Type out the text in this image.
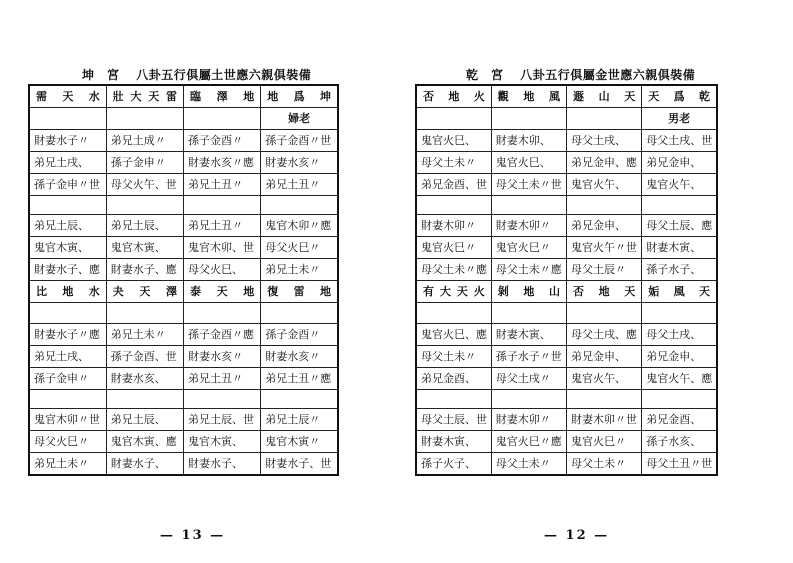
坤　宮 八卦五行俱屬土世應六親俱裝備
需　天　水	壯大天雷	臨　澤　地	地　爲　坤
			婦老
財妻水子〃	弟兄土成〃	孫子金酉〃	孫子金酉〃世
弟兄土戌、	孫子金申〃	財妻水亥〃應	財妻水亥〃
孫子金申〃世	母父火午、世	弟兄土丑〃	弟兄土丑〃

弟兄土辰、	弟兄土辰、	弟兄土丑〃	鬼官木卯〃應
鬼官木寅、	鬼官木寅、	鬼官木卯、世	母父火巳〃
財妻水子、應	財妻水子、應	母父火巳、	弟兄土未〃
比　地　水	夬　天　澤	泰　天　地	復　雷　地

財妻水子〃應	弟兄土未〃	孫子金酉〃應	孫子金酉〃
弟兄土戌、	孫子金酉、世	財妻水亥〃	財妻水亥〃
孫子金申〃	財妻水亥、	弟兄土丑〃	弟兄土丑〃應

鬼官木卯〃世	弟兄土辰、	弟兄土辰、世	弟兄土辰〃
母父火巳〃	鬼官木寅、應	鬼官木寅、	鬼官木寅〃
弟兄土未〃	財妻水子、	財妻水子、	財妻水子、世
— 13 —
乾　宮 八卦五行俱屬金世應六親俱裝備
否　地　火	觀　地　風	遯　山　天	天　爲　乾
			男老
鬼官火巳、	財妻木卯、	母父土戌、	母父土戌、世
母父土未〃	鬼官火巳、	弟兄金申、應	弟兄金申、
弟兄金酉、世	母父土未〃世	鬼官火午、	鬼官火午、

財妻木卯〃	財妻木卯〃	弟兄金申、	母父土辰、應
鬼官火巳〃	鬼官火巳〃	鬼官火午〃世	財妻木寅、
母父土未〃應	母父土未〃應	母父土辰〃	孫子水子、
有大天火	剝　地　山	否　地　天	姤　風　天

鬼官火巳、應	財妻木寅、	母父土戌、應	母父土戌、
母父土未〃	孫子水子〃世	弟兄金申、	弟兄金申、
弟兄金酉、	母父土戌〃	鬼官火午、	鬼官火午、應

母父土辰、世	財妻木卯〃	財妻木卯〃世	弟兄金酉、
財妻木寅、	鬼官火巳〃應	鬼官火巳〃	孫子水亥、
孫子火子、	母父土未〃	母父土未〃	母父土丑〃世
— 12 —
